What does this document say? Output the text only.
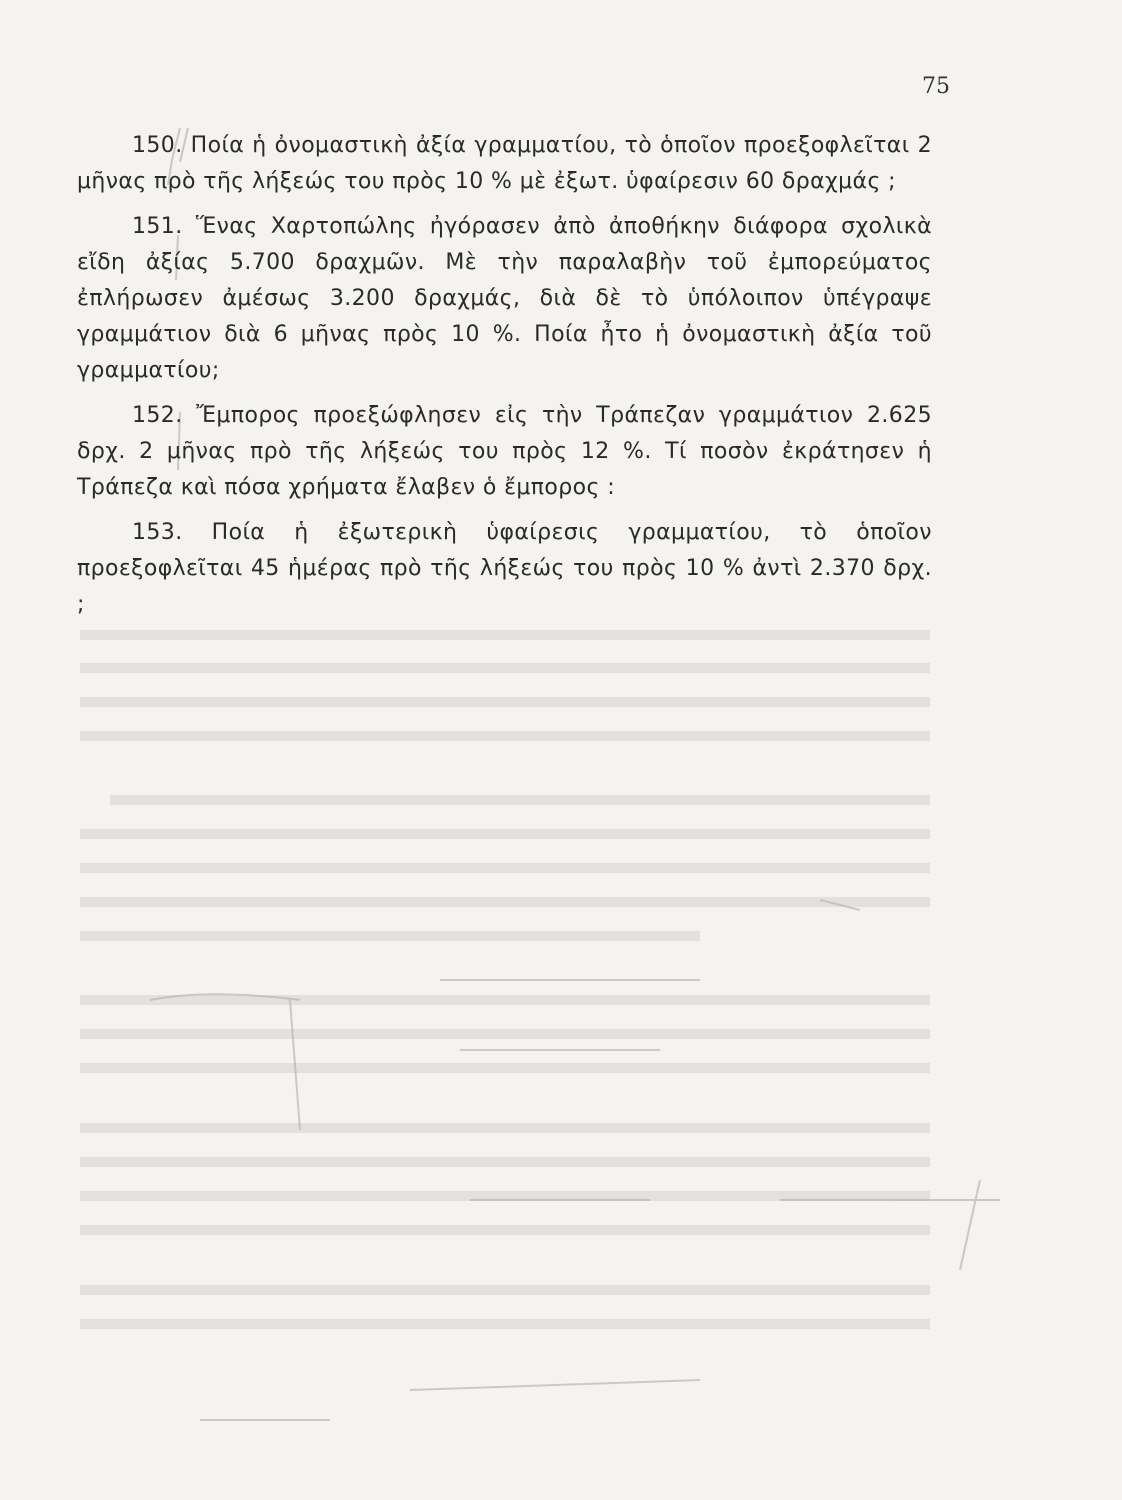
75

150. Ποία ἡ ὀνομαστικὴ ἀξία γραμματίου, τὸ ὁποῖον προεξοφλεῖται 2 μῆνας πρὸ τῆς λήξεώς του πρὸς 10 % μὲ ἐξωτ. ὑφαίρεσιν 60 δραχμάς ;

151. Ἕνας Χαρτοπώλης ἠγόρασεν ἀπὸ ἀποθήκην διάφορα σχολικὰ εἴδη ἀξίας 5.700 δραχμῶν. Μὲ τὴν παραλαβὴν τοῦ ἐμπορεύματος ἐπλήρωσεν ἀμέσως 3.200 δραχμάς, διὰ δὲ τὸ ὑπόλοιπον ὑπέγραψε γραμμάτιον διὰ 6 μῆνας πρὸς 10 %. Ποία ἦτο ἡ ὀνομαστικὴ ἀξία τοῦ γραμματίου;

152. Ἔμπορος προεξώφλησεν εἰς τὴν Τράπεζαν γραμμάτιον 2.625 δρχ. 2 μῆνας πρὸ τῆς λήξεώς του πρὸς 12 %. Τί ποσὸν ἐκράτησεν ἡ Τράπεζα καὶ πόσα χρήματα ἔλαβεν ὁ ἔμπορος :

153. Ποία ἡ ἐξωτερικὴ ὑφαίρεσις γραμματίου, τὸ ὁποῖον προεξοφλεῖται 45 ἡμέρας πρὸ τῆς λήξεώς του πρὸς 10 % ἀντὶ 2.370 δρχ. ;
